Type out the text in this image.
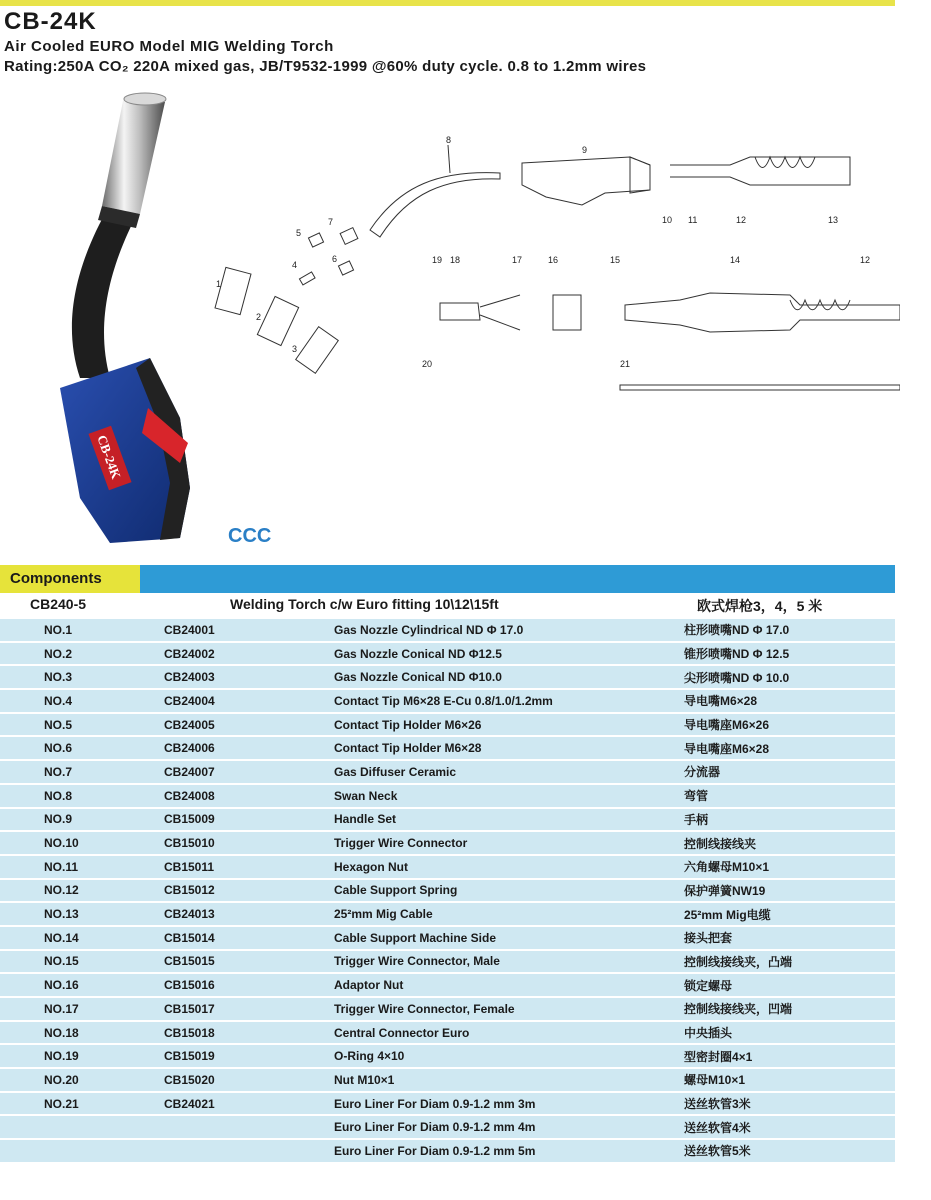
CB-24K
Air Cooled EURO Model MIG Welding Torch
Rating:250A CO₂ 220A mixed gas, JB/T9532-1999 @60% duty cycle. 0.8 to 1.2mm wires
CB-24K
CCC
1
2
3
4
5
6
7
8
9
10 11	12	13
19 18	17	16	15	14	12
20	21
Components
CB240-5	Welding Torch c/w Euro fitting 10\12\15ft	欧式焊枪3，4，5 米
NO.1	CB24001	Gas Nozzle Cylindrical ND Φ 17.0	柱形喷嘴ND Φ 17.0
NO.2	CB24002	Gas Nozzle Conical ND Φ12.5	锥形喷嘴ND Φ 12.5
NO.3	CB24003	Gas Nozzle Conical ND Φ10.0	尖形喷嘴ND Φ 10.0
NO.4	CB24004	Contact Tip M6×28 E-Cu 0.8/1.0/1.2mm	导电嘴M6×28
NO.5	CB24005	Contact Tip Holder M6×26	导电嘴座M6×26
NO.6	CB24006	Contact Tip Holder M6×28	导电嘴座M6×28
NO.7	CB24007	Gas Diffuser Ceramic	分流器
NO.8	CB24008	Swan Neck	弯管
NO.9	CB15009	Handle Set	手柄
NO.10	CB15010	Trigger Wire Connector	控制线接线夹
NO.11	CB15011	Hexagon Nut	六角螺母M10×1
NO.12	CB15012	Cable Support Spring	保护弹簧NW19
NO.13	CB24013	25²mm Mig Cable	25²mm Mig电缆
NO.14	CB15014	Cable Support Machine Side	接头把套
NO.15	CB15015	Trigger Wire Connector, Male	控制线接线夹，凸端
NO.16	CB15016	Adaptor Nut	锁定螺母
NO.17	CB15017	Trigger Wire Connector, Female	控制线接线夹，凹端
NO.18	CB15018	Central Connector Euro	中央插头
NO.19	CB15019	O-Ring 4×10	型密封圈4×1
NO.20	CB15020	Nut M10×1	螺母M10×1
NO.21	CB24021	Euro Liner For Diam 0.9-1.2 mm 3m	送丝软管3米
		Euro Liner For Diam 0.9-1.2 mm 4m	送丝软管4米
		Euro Liner For Diam 0.9-1.2 mm 5m	送丝软管5米
